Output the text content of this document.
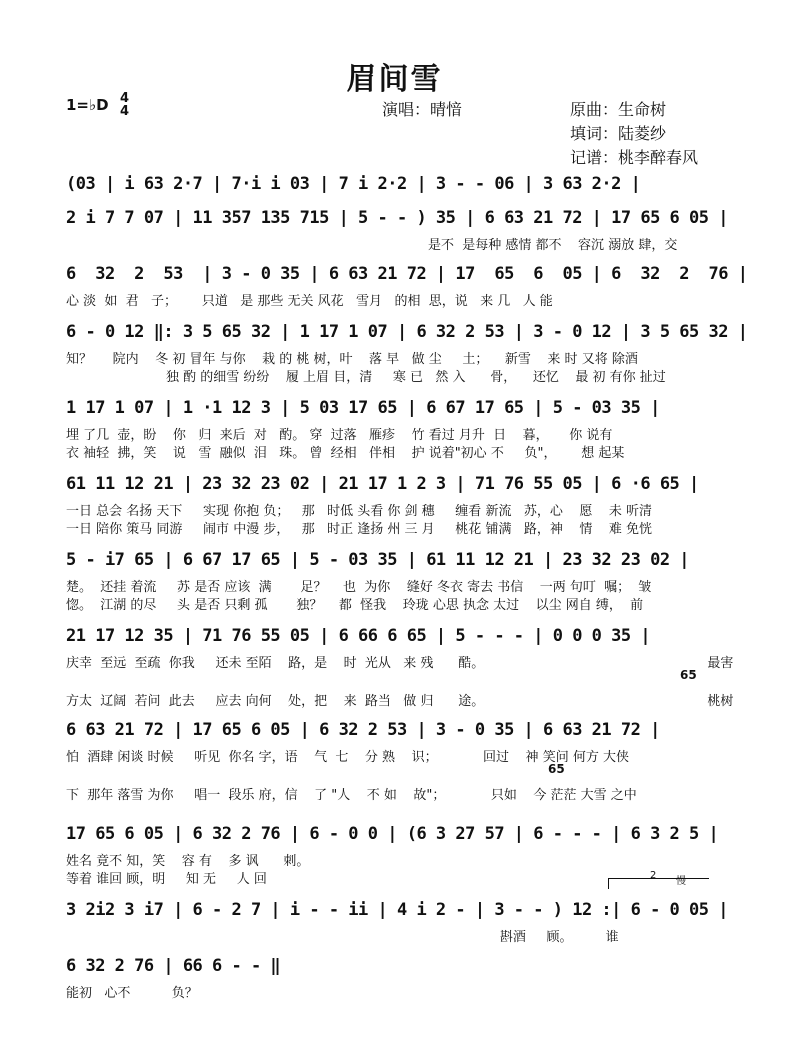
眉间雪
1=♭D 4
4	演唱：晴愔	原曲：生命树
填词：陆菱纱
记谱：桃李醉春风
(03 | i 63 2·7 | 7·i i 03 | 7 i 2·2 | 3 - - 06 | 3 63 2·2 |
2 i 7 7 07 | 11 357 135 715 | 5 - - ) 35 | 6 63 21 72 | 17 65 6 05 |
是不  是每种 感情 都不    容沉 溺放 肆，交
6  32  2  53  | 3 - 0 35 | 6 63 21 72 | 17  65  6  05 | 6  32  2  76 |
心 淡  如  君   子；      只道   是 那些 无关 风花   雪月   的相  思，说   来 几   人 能
6 - 0 12 ‖: 3 5 65 32 | 1 17 1 07 | 6 32 2 53 | 3 - 0 12 | 3 5 65 32 |
知？     院内    冬 初 冒年 与你    栽 的 桃 树，叶    落 早   做 尘     土；    新雪    来 时 又将 除酒
独 酌 的细雪 纷纷    履 上眉 目，清     寒 已   然 入      骨，    还忆    最 初 有你 扯过
1 17 1 07 | 1 ·1 12 3 | 5 03 17 65 | 6 67 17 65 | 5 - 03 35 |
埋 了几  壶，盼    你   归  来后  对   酌。 穿  过落   雁疹    竹 看过 月升  日    暮，     你 说有
衣 袖轻  拂，笑    说   雪  融似  泪   珠。 曾  经相   伴相    护 说着"初心 不     负"，      想 起某
61 11 12 21 | 23 32 23 02 | 21 17 1 2 3 | 71 76 55 05 | 6 ·6 65 |
一日 总会 名扬 天下     实现 你抱 负；   那   时低 头看 你 剑 穗     缠看 新流   苏，心    愿    未 听清
一日 陪你 策马 同游     闹市 中漫 步，   那   时正 逢扬 州 三 月     桃花 铺满   路，神    情    难 免恍
5 - i7 65 | 6 67 17 65 | 5 - 03 35 | 61 11 12 21 | 23 32 23 02 |
楚。  还挂 着流     苏 是否 应该  满       足？    也  为你    缝好 冬衣 寄去 书信    一两 句叮  嘱；  皱
惚。  江湖 的尽     头 是否 只剩 孤       独？    都  怪我    玲珑 心思 执念 太过    以尘 网自 缚，  前
21 17 12 35 | 71 76 55 05 | 6 66 6 65 | 5 - - - | 0 0 0 35 |
庆幸  至远  至疏  你我     还未 至陌    路，是    时  光从   来 残      酷。                                                      最害
65
方太  辽阔  若问  此去     应去 向何    处，把    来  路当   做 归      途。                                                      桃树
6 63 21 72 | 17 65 6 05 | 6 32 2 53 | 3 - 0 35 | 6 63 21 72 |
怕  酒肆 闲谈 时候     听见  你名 字，语    气  七    分 熟    识；           回过    神 笑问 何方 大侠
65
下  那年 落雪 为你     唱一  段乐 府，信    了 "人    不 如    故"；           只如    今 茫茫 大雪 之中
17 65 6 05 | 6 32 2 76 | 6 - 0 0 | (6 3 27 57 | 6 - - - | 6 3 2 5 |
姓名 竟不 知，笑    容 有    多 讽      刺。
等着 谁回 顾，明     知 无     人 回	2
慢
3 2i2 3 i7 | 6 - 2 7 | i - - ii | 4 i 2 - | 3 - - ) 12 :| 6 - 0 05 |
斟酒     顾。        谁
6 32 2 76 | 66 6 - - ‖
能初   心不          负？
